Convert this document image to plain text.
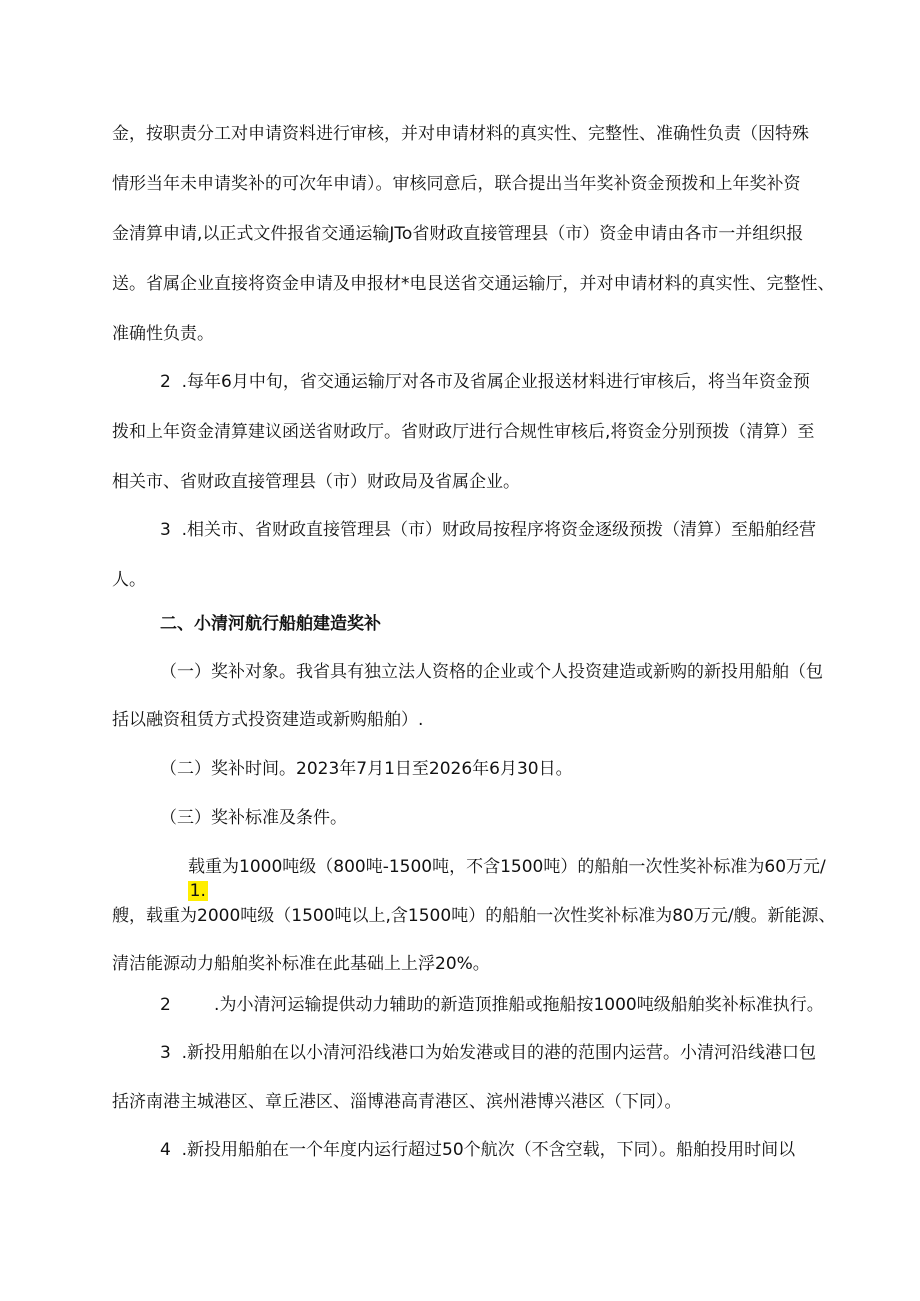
金，按职责分工对申请资料进行审核，并对申请材料的真实性、完整性、准确性负责（因特殊
情形当年未申请奖补的可次年申请）。审核同意后，联合提出当年奖补资金预拨和上年奖补资
金清算申请,以正式文件报省交通运输JTo省财政直接管理县（市）资金申请由各市一并组织报
送。省属企业直接将资金申请及申报材*电艮送省交通运输厅，并对申请材料的真实性、完整性、
准确性负责。
2  .每年6月中旬，省交通运输厅对各市及省属企业报送材料进行审核后，将当年资金预
拨和上年资金清算建议函送省财政厅。省财政厅进行合规性审核后,将资金分别预拨（清算）至
相关市、省财政直接管理县（市）财政局及省属企业。
3  .相关市、省财政直接管理县（市）财政局按程序将资金逐级预拨（清算）至船舶经营
人。
二、小清河航行船舶建造奖补
（一）奖补对象。我省具有独立法人资格的企业或个人投资建造或新购的新投用船舶（包
括以融资租赁方式投资建造或新购船舶）.
（二）奖补时间。2023年7月1日至2026年6月30日。
（三）奖补标准及条件。

1.

载重为1000吨级（800吨-1500吨，不含1500吨）的船舶一次性奖补标准为60万元/
艘，载重为2000吨级（1500吨以上,含1500吨）的船舶一次性奖补标准为80万元/艘。新能源、
清洁能源动力船舶奖补标准在此基础上上浮20%。
2        .为小清河运输提供动力辅助的新造顶推船或拖船按1000吨级船舶奖补标准执行。
3  .新投用船舶在以小清河沿线港口为始发港或目的港的范围内运营。小清河沿线港口包
括济南港主城港区、章丘港区、淄博港高青港区、滨州港博兴港区（下同）。
4  .新投用船舶在一个年度内运行超过50个航次（不含空载，下同）。船舶投用时间以
